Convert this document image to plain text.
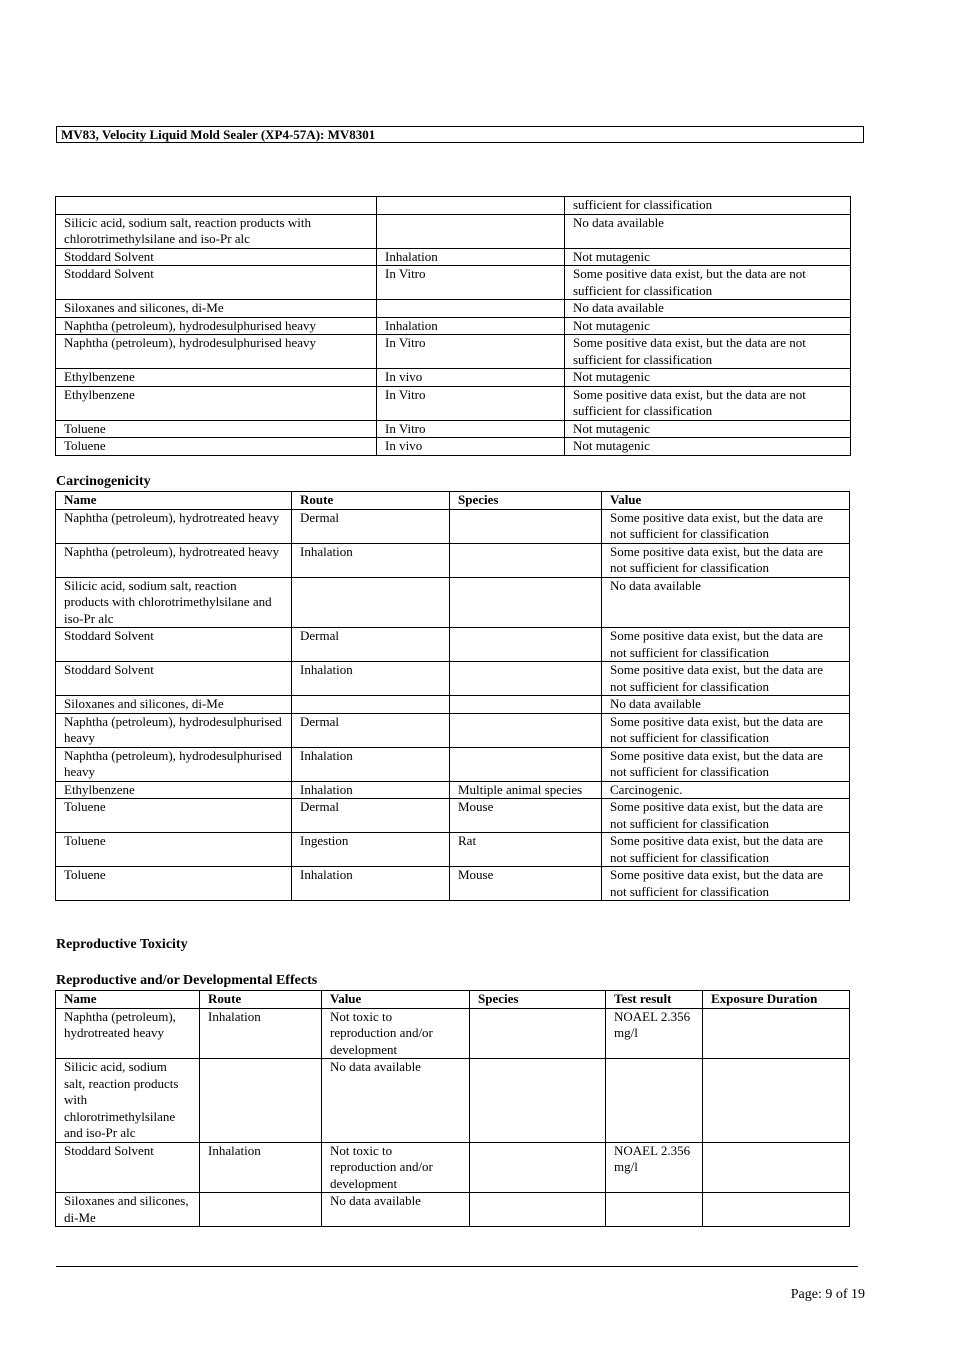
MV83, Velocity Liquid Mold Sealer (XP4-57A): MV8301
		sufficient for classification
Silicic acid, sodium salt, reaction products with chlorotrimethylsilane and iso-Pr alc		No data available
Stoddard Solvent	Inhalation	Not mutagenic
Stoddard Solvent	In Vitro	Some positive data exist, but the data are not sufficient for classification
Siloxanes and silicones, di-Me		No data available
Naphtha (petroleum), hydrodesulphurised heavy	Inhalation	Not mutagenic
Naphtha (petroleum), hydrodesulphurised heavy	In Vitro	Some positive data exist, but the data are not sufficient for classification
Ethylbenzene	In vivo	Not mutagenic
Ethylbenzene	In Vitro	Some positive data exist, but the data are not sufficient for classification
Toluene	In Vitro	Not mutagenic
Toluene	In vivo	Not mutagenic
Carcinogenicity
Name	Route	Species	Value
Naphtha (petroleum), hydrotreated heavy	Dermal		Some positive data exist, but the data are not sufficient for classification
Naphtha (petroleum), hydrotreated heavy	Inhalation		Some positive data exist, but the data are not sufficient for classification
Silicic acid, sodium salt, reaction products with chlorotrimethylsilane and iso-Pr alc			No data available
Stoddard Solvent	Dermal		Some positive data exist, but the data are not sufficient for classification
Stoddard Solvent	Inhalation		Some positive data exist, but the data are not sufficient for classification
Siloxanes and silicones, di-Me			No data available
Naphtha (petroleum), hydrodesulphurised heavy	Dermal		Some positive data exist, but the data are not sufficient for classification
Naphtha (petroleum), hydrodesulphurised heavy	Inhalation		Some positive data exist, but the data are not sufficient for classification
Ethylbenzene	Inhalation	Multiple animal species	Carcinogenic.
Toluene	Dermal	Mouse	Some positive data exist, but the data are not sufficient for classification
Toluene	Ingestion	Rat	Some positive data exist, but the data are not sufficient for classification
Toluene	Inhalation	Mouse	Some positive data exist, but the data are not sufficient for classification
Reproductive Toxicity
Reproductive and/or Developmental Effects
Name	Route	Value	Species	Test result	Exposure Duration
Naphtha (petroleum), hydrotreated heavy	Inhalation	Not toxic to reproduction and/or development		NOAEL 2.356 mg/l	
Silicic acid, sodium salt, reaction products with chlorotrimethylsilane and iso-Pr alc		No data available			
Stoddard Solvent	Inhalation	Not toxic to reproduction and/or development		NOAEL 2.356 mg/l	
Siloxanes and silicones, di-Me		No data available			
Page: 9 of 19
